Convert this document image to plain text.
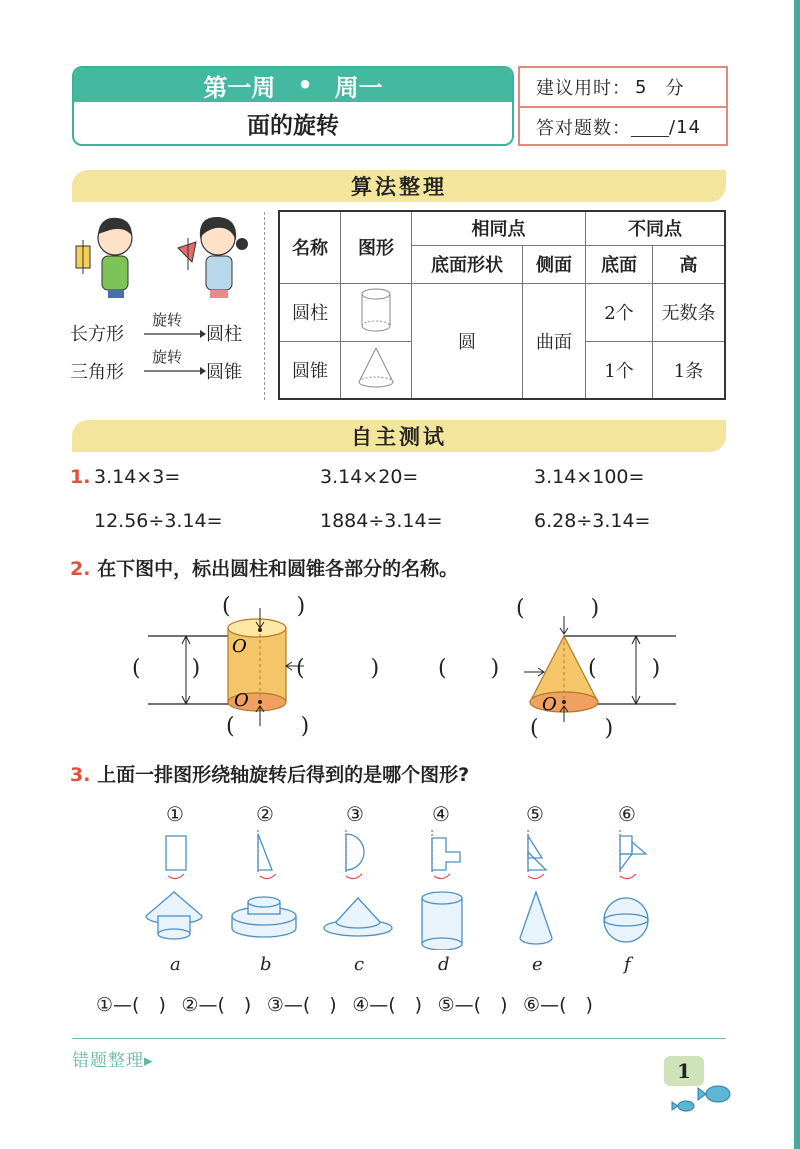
第一周 • 周一
面的旋转
建议用时： 5 分
答对题数： /14
算法整理
长方形
旋转
圆柱
三角形
旋转
圆锥
名称	图形	相同点		不同点	
		底面形状	侧面	底面	高
圆柱		圆	曲面	2个	无数条
圆锥				1个	1条
自主测试
1. 3.14×3=	3.14×20=	3.14×100=
12.56÷3.14=	1884÷3.14=	6.28÷3.14=
2. 在下图中，标出圆柱和圆锥各部分的名称。
O
O
(   )
(   )	(   )
(   )
O
(   )
(  )	(   )
(   )
3. 上面一排图形绕轴旋转后得到的是哪个图形?
①	②	③	④	⑤	⑥
a	b	c	d	e	f
①—(　)  ②—(　)  ③—(　)  ④—(　)  ⑤—(　)  ⑥—(　)
错题整理▸	1
